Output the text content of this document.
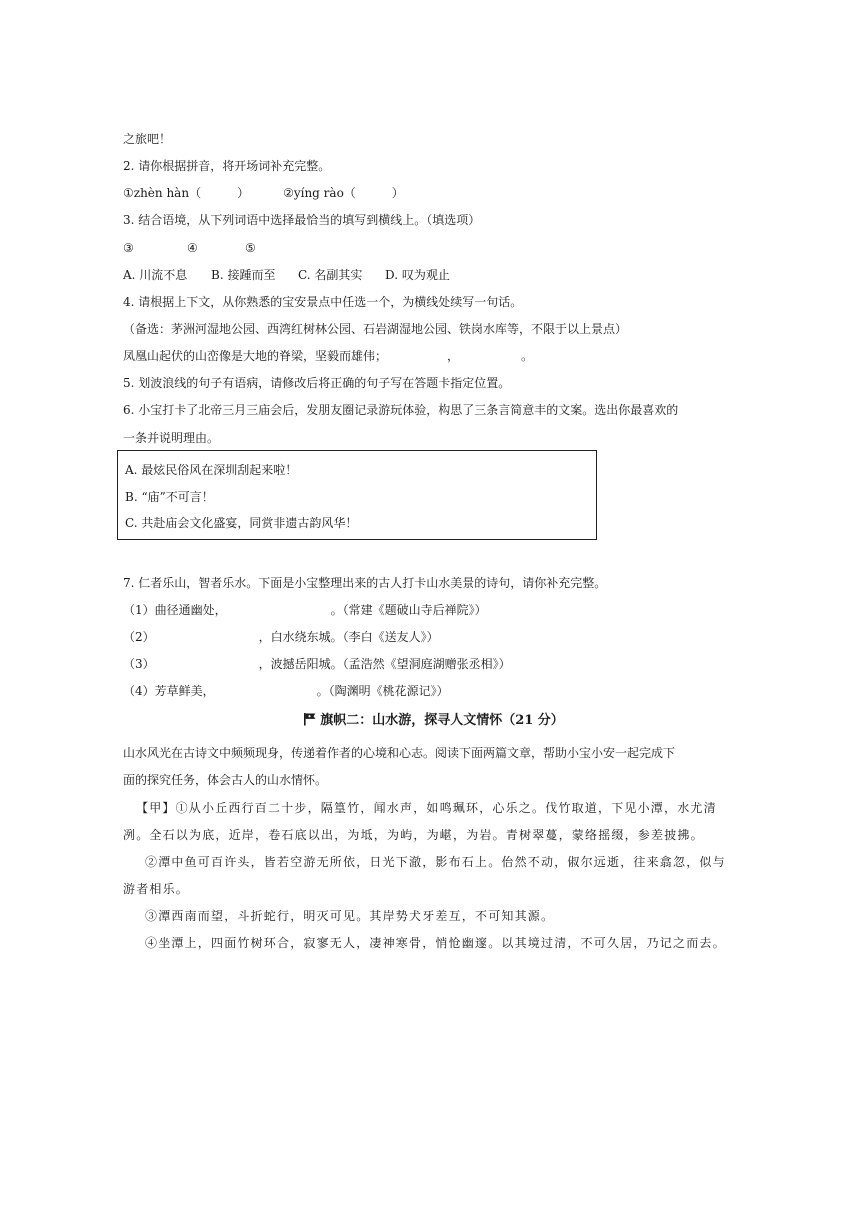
之旅吧！
2. 请你根据拼音，将开场词补充完整。
①zhèn hàn（　　　）	②yíng rào（　　　）
3. 结合语境，从下列词语中选择最恰当的填写到横线上。（填选项）
③	④	⑤
A. 川流不息 B. 接踵而至 C. 名副其实 D. 叹为观止
4. 请根据上下文，从你熟悉的宝安景点中任选一个，为横线处续写一句话。
（备选：茅洲河湿地公园、西湾红树林公园、石岩湖湿地公园、铁岗水库等，不限于以上景点）
凤凰山起伏的山峦像是大地的脊梁，坚毅而雄伟；	，	。
5. 划波浪线的句子有语病，请修改后将正确的句子写在答题卡指定位置。
6. 小宝打卡了北帝三月三庙会后，发朋友圈记录游玩体验，构思了三条言简意丰的文案。选出你最喜欢的
一条并说明理由。
A. 最炫民俗风在深圳刮起来啦！
B. “庙”不可言！
C. 共赴庙会文化盛宴，同赏非遗古韵风华！
7. 仁者乐山，智者乐水。下面是小宝整理出来的古人打卡山水美景的诗句，请你补充完整。
（1）曲径通幽处，	。（常建《题破山寺后禅院》）
（2）	，白水绕东城。（李白《送友人》）
（3）	，波撼岳阳城。（孟浩然《望洞庭湖赠张丞相》）
（4）芳草鲜美，	。（陶渊明《桃花源记》）
旗帜二：山水游，探寻人文情怀（21 分）
山水风光在古诗文中频频现身，传递着作者的心境和心志。阅读下面两篇文章，帮助小宝小安一起完成下
面的探究任务，体会古人的山水情怀。
【甲】①从小丘西行百二十步，隔篁竹，闻水声，如鸣珮环，心乐之。伐竹取道，下见小潭，水尤清
冽。全石以为底，近岸，卷石底以出，为坻，为屿，为嵁，为岩。青树翠蔓，蒙络摇缀，参差披拂。
②潭中鱼可百许头，皆若空游无所依，日光下澈，影布石上。佁然不动，俶尔远逝，往来翕忽，似与
游者相乐。
③潭西南而望，斗折蛇行，明灭可见。其岸势犬牙差互，不可知其源。
④坐潭上，四面竹树环合，寂寥无人，凄神寒骨，悄怆幽邃。以其境过清，不可久居，乃记之而去。
